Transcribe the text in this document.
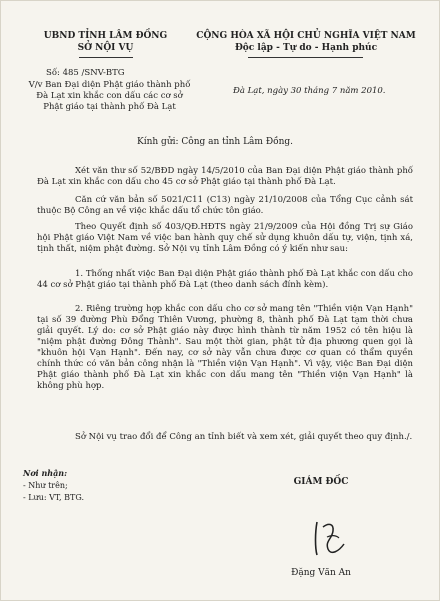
UBND TỈNH LÂM ĐỒNG
SỞ NỘI VỤ
CỘNG HÒA XÃ HỘI CHỦ NGHĨA VIỆT NAM
Độc lập - Tự do - Hạnh phúc
Số: 485 /SNV-BTG
V/v Ban Đại diện Phật giáo thành phố
Đà Lạt xin khắc con dấu các cơ sở
Phật giáo tại thành phố Đà Lạt
Đà Lạt, ngày 30 tháng 7 năm 2010.
Kính gửi: Công an tỉnh Lâm Đồng.
Xét văn thư số 52/BĐD ngày 14/5/2010 của Ban Đại diện Phật giáo thành phố Đà Lạt xin khắc con dấu cho 45 cơ sở Phật giáo tại thành phố Đà Lạt.
Căn cứ văn bản số 5021/C11 (C13) ngày 21/10/2008 của Tổng Cục cảnh sát thuộc Bộ Công an về việc khắc dấu tổ chức tôn giáo.
Theo Quyết định số 403/QĐ.HĐTS ngày 21/9/2009 của Hội đồng Trị sự Giáo hội Phật giáo Việt Nam về việc ban hành quy chế sử dụng khuôn dấu tự, viện, tịnh xá, tịnh thất, niệm phật đường. Sở Nội vụ tỉnh Lâm Đồng có ý kiến như sau:
1. Thống nhất việc Ban Đại diện Phật giáo thành phố Đà Lạt khắc con dấu cho 44 cơ sở Phật giáo tại thành phố Đà Lạt (theo danh sách đính kèm).
2. Riêng trường hợp khắc con dấu cho cơ sở mang tên "Thiền viện Vạn Hạnh" tại số 39 đường Phù Đổng Thiên Vương, phường 8, thành phố Đà Lạt tạm thời chưa giải quyết. Lý do: cơ sở Phật giáo này được hình thành từ năm 1952 có tên hiệu là "niệm phật đường Đông Thành". Sau một thời gian, phật tử địa phương quen gọi là "khuôn hội Vạn Hạnh". Đến nay, cơ sở này vẫn chưa được cơ quan có thẩm quyền chính thức có văn bản công nhận là "Thiền viện Vạn Hạnh". Vì vậy, việc Ban Đại diện Phật giáo thành phố Đà Lạt xin khắc con dấu mang tên "Thiền viện Vạn Hạnh" là không phù hợp.
Sở Nội vụ trao đổi để Công an tỉnh biết và xem xét, giải quyết theo quy định./.
Nơi nhận:
- Như trên;
- Lưu: VT, BTG.
GIÁM ĐỐC
Đặng Văn An
